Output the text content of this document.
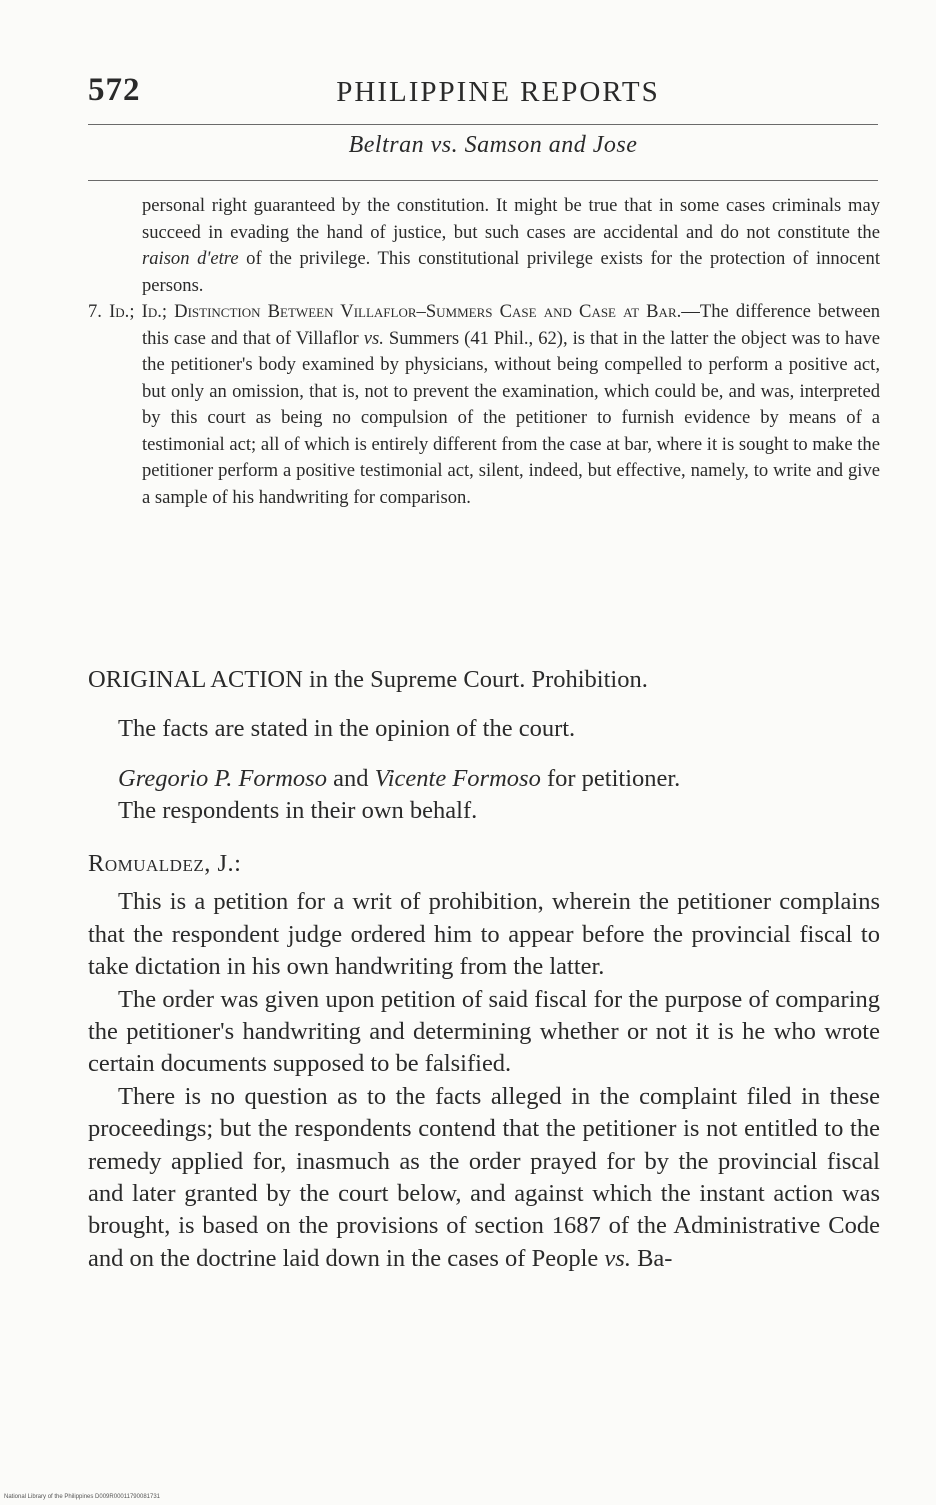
572	PHILIPPINE REPORTS
Beltran vs. Samson and Jose

personal right guaranteed by the constitution. It might be true that in some cases criminals may succeed in evading the hand of justice, but such cases are accidental and do not constitute the raison d'etre of the privilege. This constitutional privilege exists for the protection of innocent persons.

7. Id.; Id.; Distinction Between Villaflor–Summers Case and Case at Bar.—The difference between this case and that of Villaflor vs. Summers (41 Phil., 62), is that in the latter the object was to have the petitioner's body examined by physicians, without being compelled to perform a positive act, but only an omission, that is, not to prevent the examination, which could be, and was, interpreted by this court as being no compulsion of the petitioner to furnish evidence by means of a testimonial act; all of which is entirely different from the case at bar, where it is sought to make the petitioner perform a positive testimonial act, silent, indeed, but effective, namely, to write and give a sample of his handwriting for comparison.

ORIGINAL ACTION in the Supreme Court. Prohibition.

The facts are stated in the opinion of the court.

Gregorio P. Formoso and Vicente Formoso for petitioner.

The respondents in their own behalf.

Romualdez, J.:

This is a petition for a writ of prohibition, wherein the petitioner complains that the respondent judge ordered him to appear before the provincial fiscal to take dictation in his own handwriting from the latter.

The order was given upon petition of said fiscal for the purpose of comparing the petitioner's handwriting and determining whether or not it is he who wrote certain documents supposed to be falsified.

There is no question as to the facts alleged in the complaint filed in these proceedings; but the respondents contend that the petitioner is not entitled to the remedy applied for, inasmuch as the order prayed for by the provincial fiscal and later granted by the court below, and against which the instant action was brought, is based on the provisions of section 1687 of the Administrative Code and on the doctrine laid down in the cases of People vs. Ba-

National Library of the Philippines D009R00011790081731
